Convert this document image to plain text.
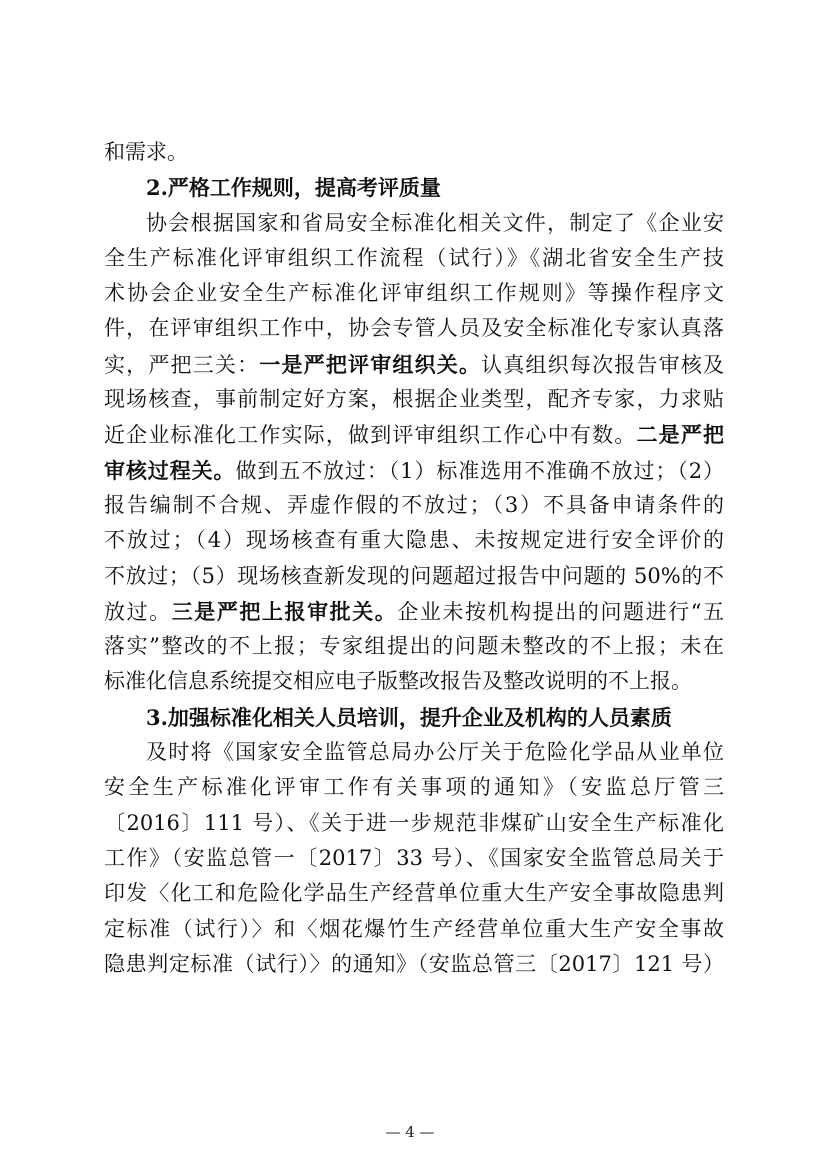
和需求。
2.严格工作规则，提高考评质量
协会根据国家和省局安全标准化相关文件，制定了《企业安
全生产标准化评审组织工作流程（试行）》《湖北省安全生产技
术协会企业安全生产标准化评审组织工作规则》等操作程序文
件，在评审组织工作中，协会专管人员及安全标准化专家认真落
实，严把三关：一是严把评审组织关。认真组织每次报告审核及
现场核查，事前制定好方案，根据企业类型，配齐专家，力求贴
近企业标准化工作实际，做到评审组织工作心中有数。二是严把
审核过程关。做到五不放过：（1）标准选用不准确不放过；（2）
报告编制不合规、弄虚作假的不放过；（3）不具备申请条件的
不放过；（4）现场核查有重大隐患、未按规定进行安全评价的
不放过；（5）现场核查新发现的问题超过报告中问题的 50%的不
放过。三是严把上报审批关。企业未按机构提出的问题进行“五
落实”整改的不上报；专家组提出的问题未整改的不上报；未在
标准化信息系统提交相应电子版整改报告及整改说明的不上报。
3.加强标准化相关人员培训，提升企业及机构的人员素质
及时将《国家安全监管总局办公厅关于危险化学品从业单位
安全生产标准化评审工作有关事项的通知》（安监总厅管三
〔2016〕111 号）、《关于进一步规范非煤矿山安全生产标准化
工作》（安监总管一〔2017〕33 号）、《国家安全监管总局关于
印发〈化工和危险化学品生产经营单位重大生产安全事故隐患判
定标准（试行）〉和〈烟花爆竹生产经营单位重大生产安全事故
隐患判定标准（试行）〉的通知》（安监总管三〔2017〕121 号）
— 4 —
